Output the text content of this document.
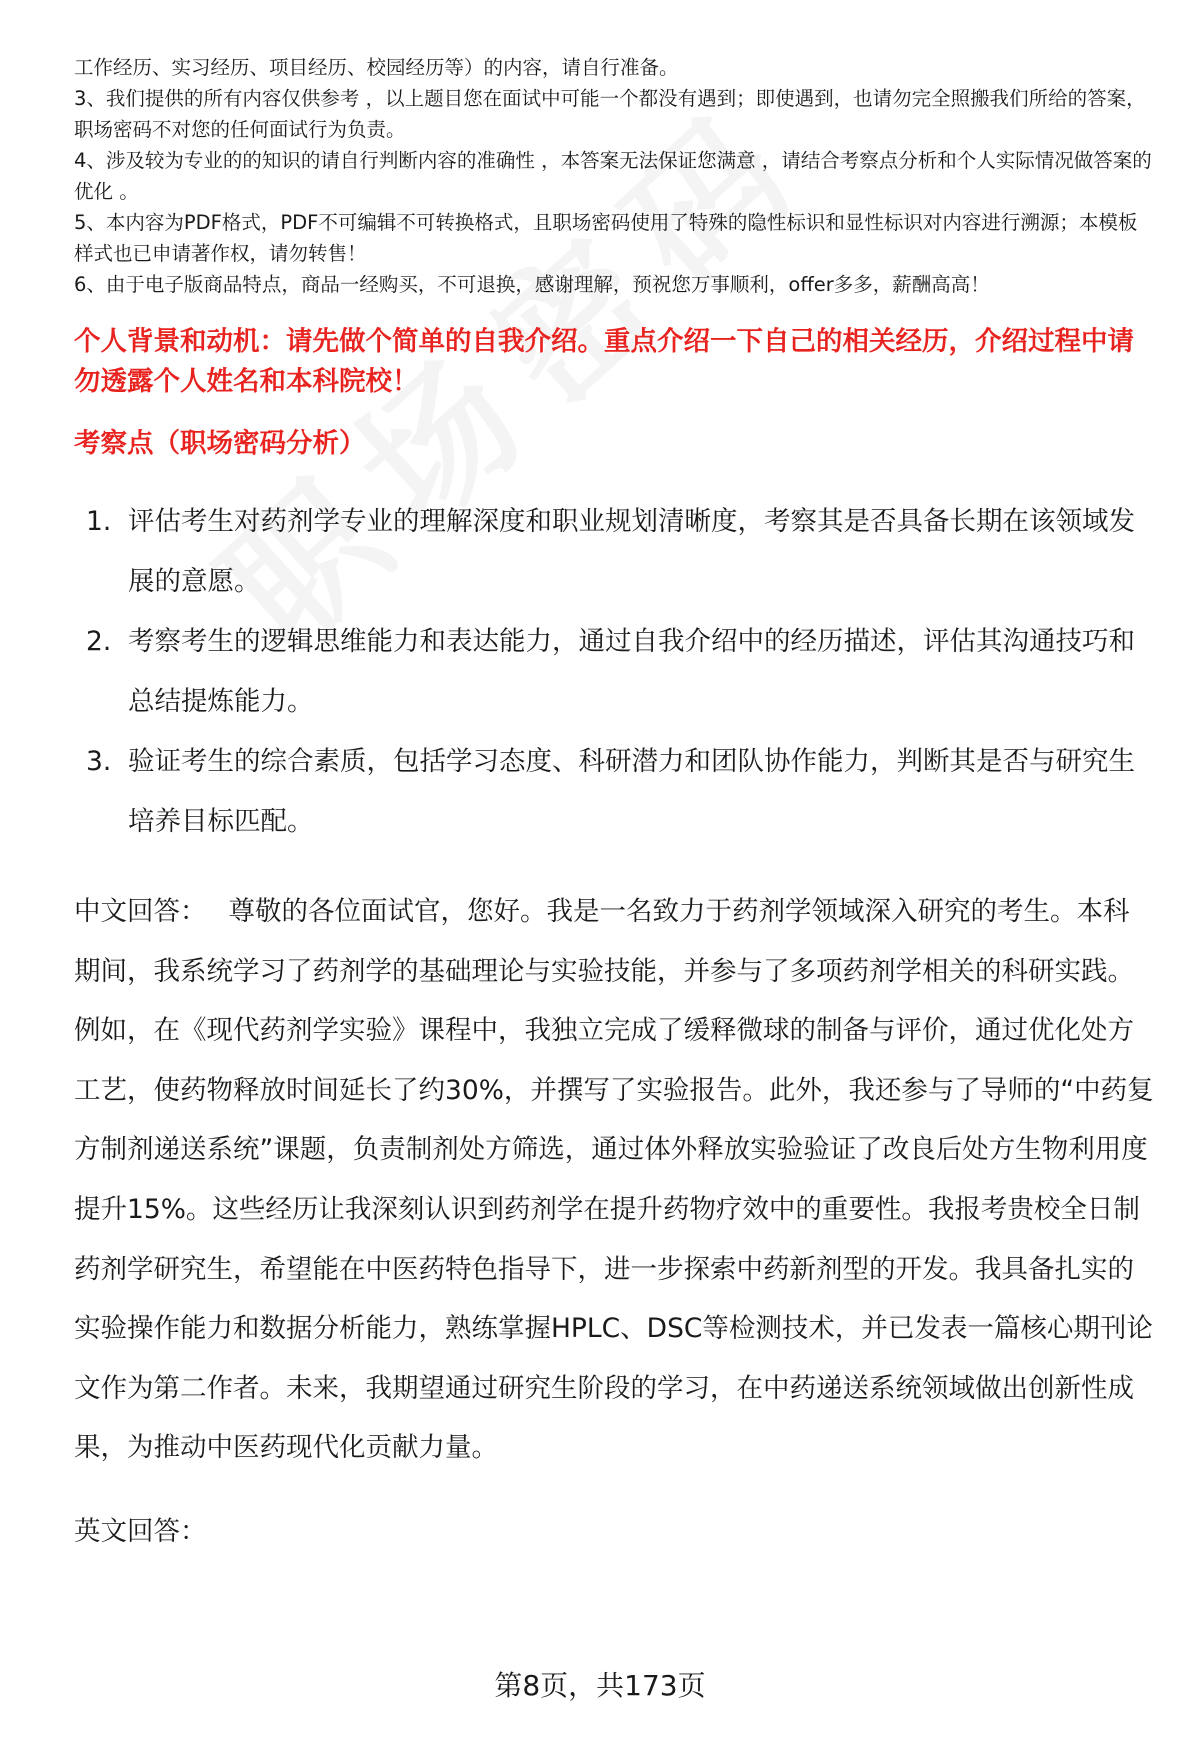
工作经历、实习经历、项目经历、校园经历等）的内容，请自行准备。

3、我们提供的所有内容仅供参考 ，以上题目您在面试中可能一个都没有遇到；即使遇到，也请勿完全照搬我们所给的答案，职场密码不对您的任何面试行为负责。

4、涉及较为专业的的知识的请自行判断内容的准确性 ，本答案无法保证您满意 ，请结合考察点分析和个人实际情况做答案的优化 。

5、本内容为PDF格式，PDF不可编辑不可转换格式，且职场密码使用了特殊的隐性标识和显性标识对内容进行溯源；本模板样式也已申请著作权，请勿转售！

6、由于电子版商品特点，商品一经购买，不可退换，感谢理解，预祝您万事顺利，offer多多，薪酬高高！

个人背景和动机：请先做个简单的自我介绍。重点介绍一下自己的相关经历，介绍过程中请勿透露个人姓名和本科院校！

考察点（职场密码分析）

1. 评估考生对药剂学专业的理解深度和职业规划清晰度，考察其是否具备长期在该领域发展的意愿。
2. 考察考生的逻辑思维能力和表达能力，通过自我介绍中的经历描述，评估其沟通技巧和总结提炼能力。
3. 验证考生的综合素质，包括学习态度、科研潜力和团队协作能力，判断其是否与研究生培养目标匹配。
中文回答： 尊敬的各位面试官，您好。我是一名致力于药剂学领域深入研究的考生。本科期间，我系统学习了药剂学的基础理论与实验技能，并参与了多项药剂学相关的科研实践。例如，在《现代药剂学实验》课程中，我独立完成了缓释微球的制备与评价，通过优化处方工艺，使药物释放时间延长了约30%，并撰写了实验报告。此外，我还参与了导师的“中药复方制剂递送系统”课题，负责制剂处方筛选，通过体外释放实验验证了改良后处方生物利用度提升15%。这些经历让我深刻认识到药剂学在提升药物疗效中的重要性。我报考贵校全日制药剂学研究生，希望能在中医药特色指导下，进一步探索中药新剂型的开发。我具备扎实的实验操作能力和数据分析能力，熟练掌握HPLC、DSC等检测技术，并已发表一篇核心期刊论文作为第二作者。未来，我期望通过研究生阶段的学习，在中药递送系统领域做出创新性成果，为推动中医药现代化贡献力量。
英文回答：
第8页，共173页
